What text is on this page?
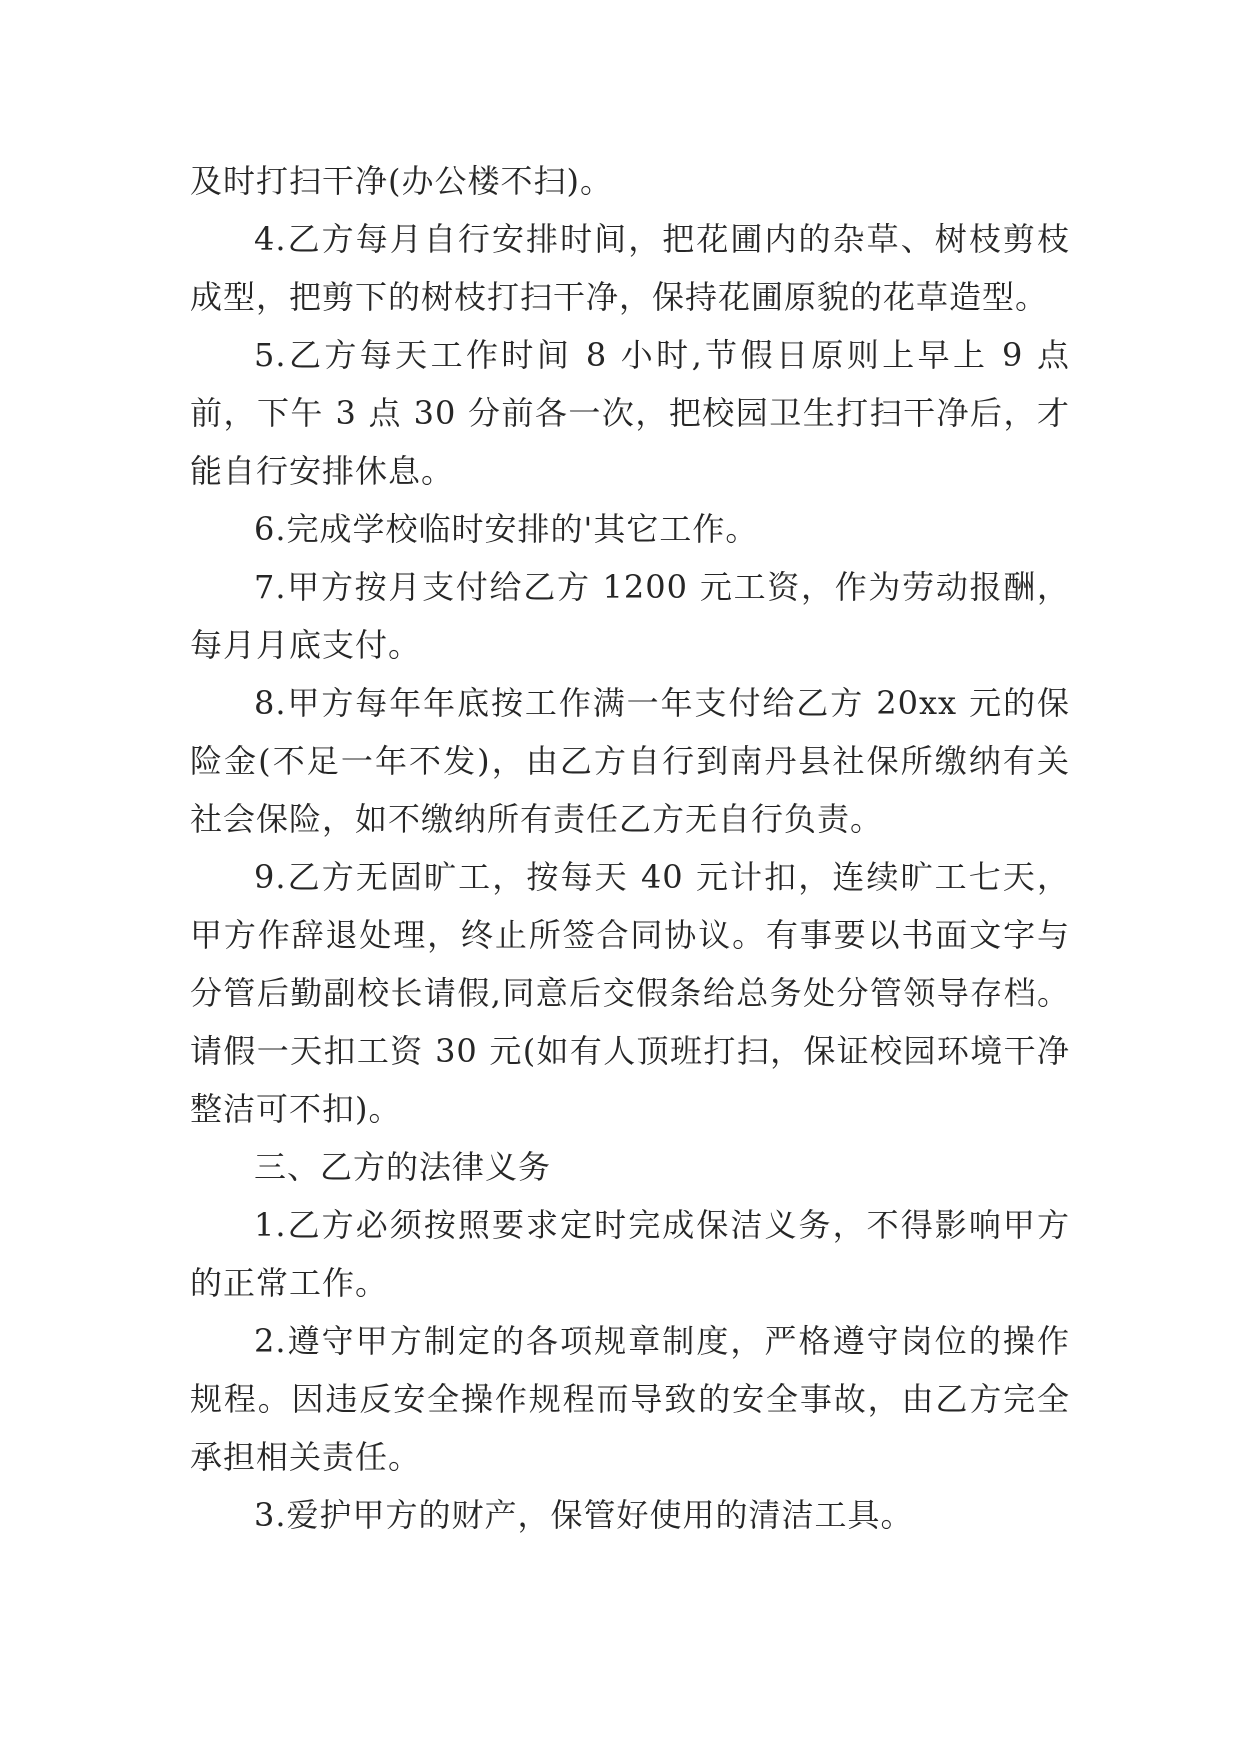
及时打扫干净(办公楼不扫)。

4.乙方每月自行安排时间，把花圃内的杂草、树枝剪枝成型，把剪下的树枝打扫干净，保持花圃原貌的花草造型。

5.乙方每天工作时间 8 小时,节假日原则上早上 9 点前，下午 3 点 30 分前各一次，把校园卫生打扫干净后，才能自行安排休息。

6.完成学校临时安排的'其它工作。

7.甲方按月支付给乙方 1200 元工资，作为劳动报酬，每月月底支付。

8.甲方每年年底按工作满一年支付给乙方 20xx 元的保险金(不足一年不发)，由乙方自行到南丹县社保所缴纳有关社会保险，如不缴纳所有责任乙方无自行负责。

9.乙方无固旷工，按每天 40 元计扣，连续旷工七天，甲方作辞退处理，终止所签合同协议。有事要以书面文字与分管后勤副校长请假,同意后交假条给总务处分管领导存档。请假一天扣工资 30 元(如有人顶班打扫，保证校园环境干净整洁可不扣)。

三、乙方的法律义务

1.乙方必须按照要求定时完成保洁义务，不得影响甲方的正常工作。

2.遵守甲方制定的各项规章制度，严格遵守岗位的操作规程。因违反安全操作规程而导致的安全事故，由乙方完全承担相关责任。

3.爱护甲方的财产，保管好使用的清洁工具。
